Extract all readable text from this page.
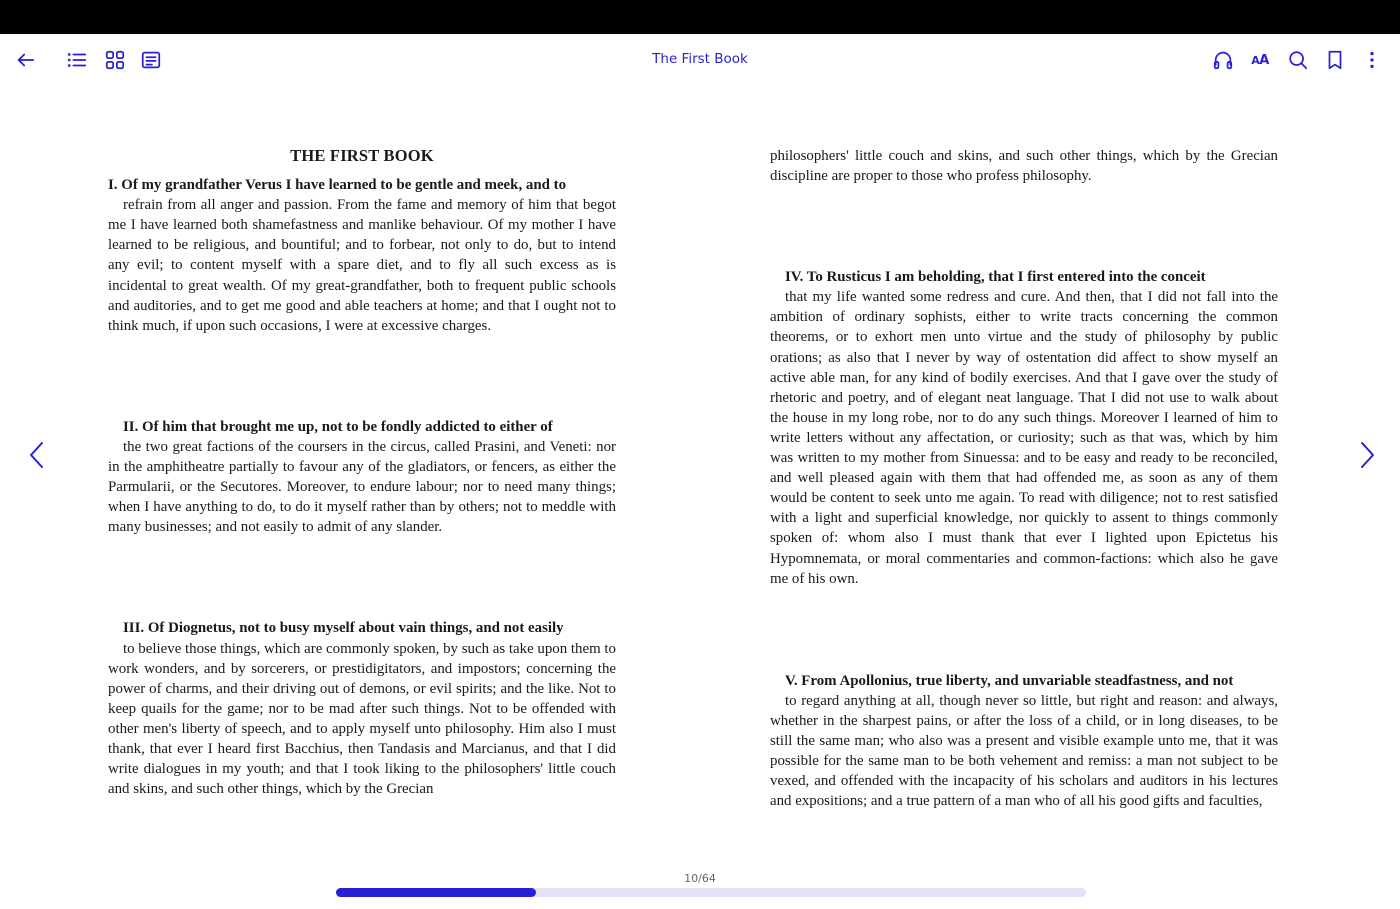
The First Book	AA
THE FIRST BOOK

I. Of my grandfather Verus I have learned to be gentle and meek, and to

refrain from all anger and passion. From the fame and memory of him that begot me I have learned both shamefastness and manlike behaviour. Of my mother I have learned to be religious, and bountiful; and to forbear, not only to do, but to intend any evil; to content myself with a spare diet, and to fly all such excess as is incidental to great wealth. Of my great-grandfather, both to frequent public schools and auditories, and to get me good and able teachers at home; and that I ought not to think much, if upon such occasions, I were at excessive charges.

II. Of him that brought me up, not to be fondly addicted to either of

the two great factions of the coursers in the circus, called Prasini, and Veneti: nor in the amphitheatre partially to favour any of the gladiators, or fencers, as either the Parmularii, or the Secutores. Moreover, to endure labour; nor to need many things; when I have anything to do, to do it myself rather than by others; not to meddle with many businesses; and not easily to admit of any slander.

III. Of Diognetus, not to busy myself about vain things, and not easily

to believe those things, which are commonly spoken, by such as take upon them to work wonders, and by sorcerers, or prestidigitators, and impostors; concerning the power of charms, and their driving out of demons, or evil spirits; and the like. Not to keep quails for the game; nor to be mad after such things. Not to be offended with other men's liberty of speech, and to apply myself unto philosophy. Him also I must thank, that ever I heard first Bacchius, then Tandasis and Marcianus, and that I did write dialogues in my youth; and that I took liking to the philosophers' little couch and skins, and such other things, which by the Grecian

philosophers' little couch and skins, and such other things, which by the Grecian discipline are proper to those who profess philosophy.

IV. To Rusticus I am beholding, that I first entered into the conceit

that my life wanted some redress and cure. And then, that I did not fall into the ambition of ordinary sophists, either to write tracts concerning the common theorems, or to exhort men unto virtue and the study of philosophy by public orations; as also that I never by way of ostentation did affect to show myself an active able man, for any kind of bodily exercises. And that I gave over the study of rhetoric and poetry, and of elegant neat language. That I did not use to walk about the house in my long robe, nor to do any such things. Moreover I learned of him to write letters without any affectation, or curiosity; such as that was, which by him was written to my mother from Sinuessa: and to be easy and ready to be reconciled, and well pleased again with them that had offended me, as soon as any of them would be content to seek unto me again. To read with diligence; not to rest satisfied with a light and superficial knowledge, nor quickly to assent to things commonly spoken of: whom also I must thank that ever I lighted upon Epictetus his Hypomnemata, or moral commentaries and common-factions: which also he gave me of his own.

V. From Apollonius, true liberty, and unvariable steadfastness, and not

to regard anything at all, though never so little, but right and reason: and always, whether in the sharpest pains, or after the loss of a child, or in long diseases, to be still the same man; who also was a present and visible example unto me, that it was possible for the same man to be both vehement and remiss: a man not subject to be vexed, and offended with the incapacity of his scholars and auditors in his lectures and expositions; and a true pattern of a man who of all his good gifts and faculties,

10/64
